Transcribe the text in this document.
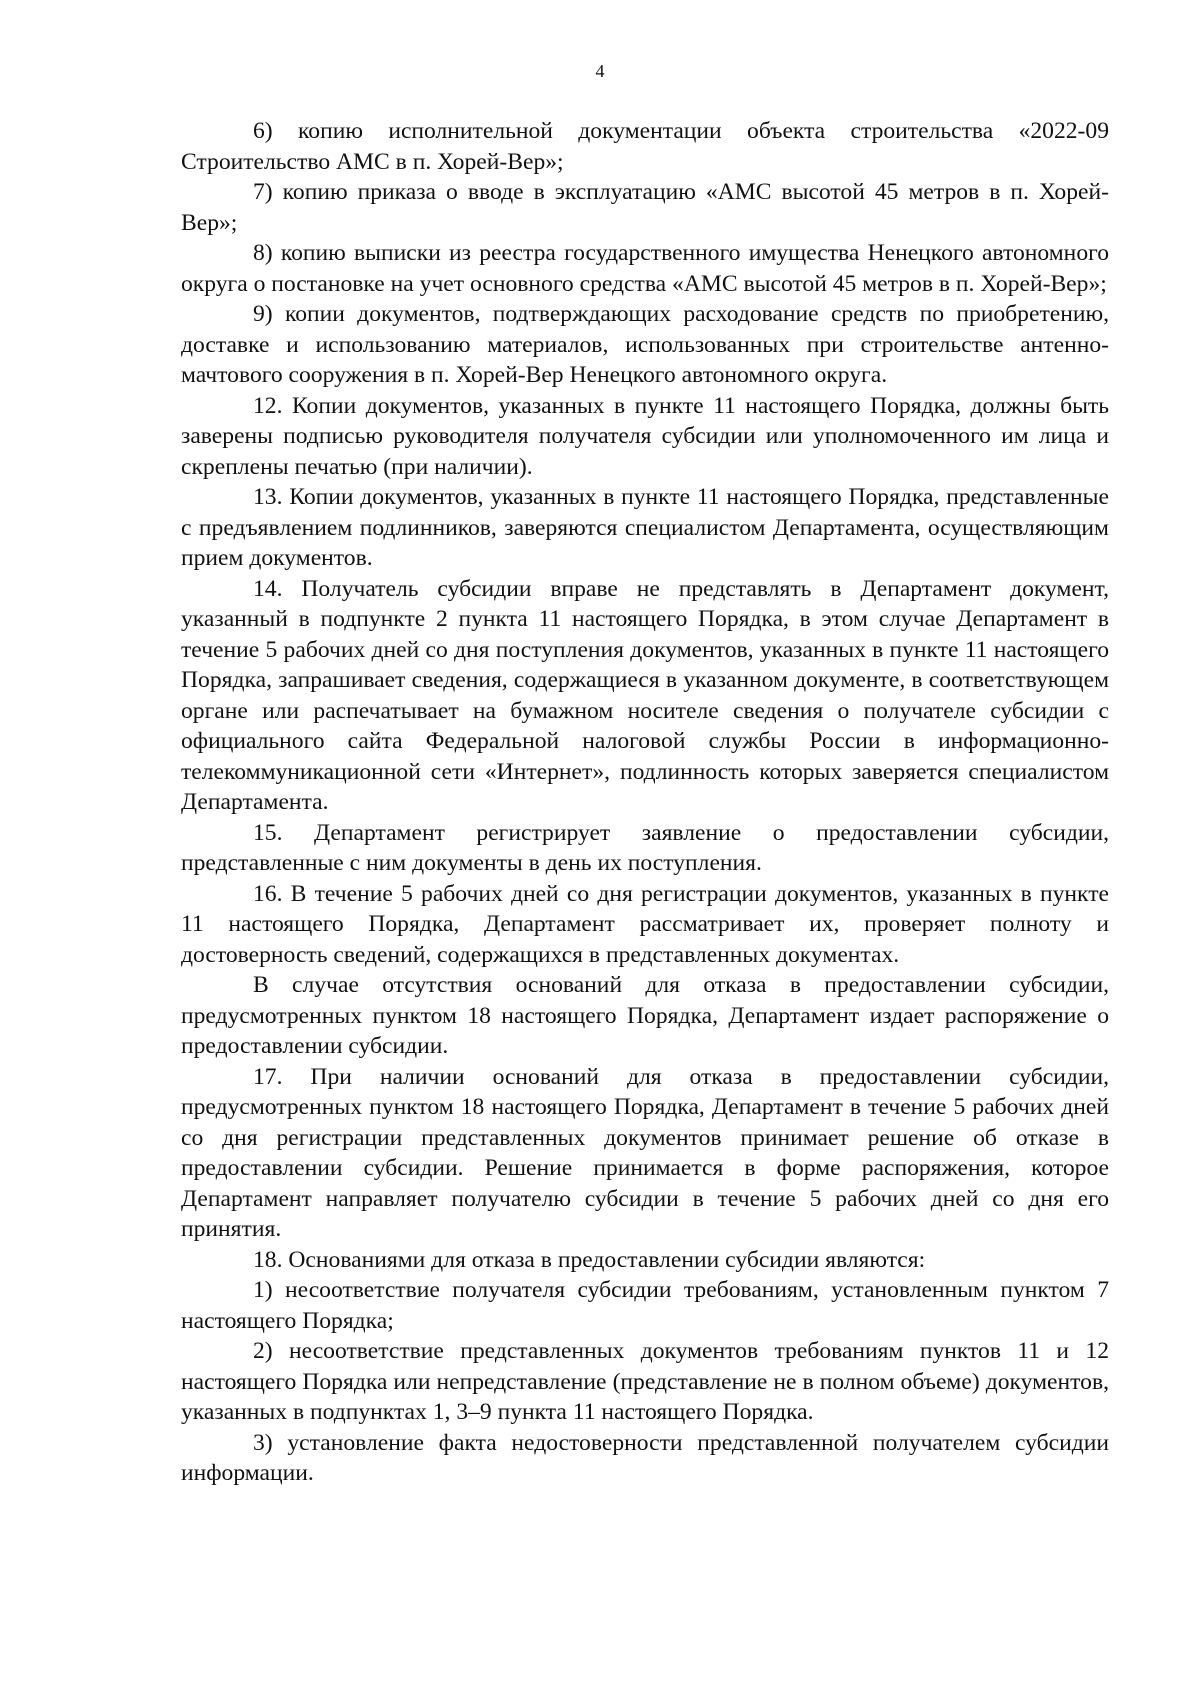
4

6) копию исполнительной документации объекта строительства «2022-09 Строительство АМС в п. Хорей-Вер»;

7) копию приказа о вводе в эксплуатацию «АМС высотой 45 метров в п. Хорей-Вер»;

8) копию выписки из реестра государственного имущества Ненецкого автономного округа о постановке на учет основного средства «АМС высотой 45 метров в п. Хорей-Вер»;

9) копии документов, подтверждающих расходование средств по приобретению, доставке и использованию материалов, использованных при строительстве антенно-мачтового сооружения в п. Хорей-Вер Ненецкого автономного округа.

12. Копии документов, указанных в пункте 11 настоящего Порядка, должны быть заверены подписью руководителя получателя субсидии или уполномоченного им лица и скреплены печатью (при наличии).

13. Копии документов, указанных в пункте 11 настоящего Порядка, представленные с предъявлением подлинников, заверяются специалистом Департамента, осуществляющим прием документов.

14. Получатель субсидии вправе не представлять в Департамент документ, указанный в подпункте 2 пункта 11 настоящего Порядка, в этом случае Департамент в течение 5 рабочих дней со дня поступления документов, указанных в пункте 11 настоящего Порядка, запрашивает сведения, содержащиеся в указанном документе, в соответствующем органе или распечатывает на бумажном носителе сведения о получателе субсидии с официального сайта Федеральной налоговой службы России в информационно-телекоммуникационной сети «Интернет», подлинность которых заверяется специалистом Департамента.

15. Департамент регистрирует заявление о предоставлении субсидии, представленные с ним документы в день их поступления.

16. В течение 5 рабочих дней со дня регистрации документов, указанных в пункте 11 настоящего Порядка, Департамент рассматривает их, проверяет полноту и достоверность сведений, содержащихся в представленных документах.

В случае отсутствия оснований для отказа в предоставлении субсидии, предусмотренных пунктом 18 настоящего Порядка, Департамент издает распоряжение о предоставлении субсидии.

17. При наличии оснований для отказа в предоставлении субсидии, предусмотренных пунктом 18 настоящего Порядка, Департамент в течение 5 рабочих дней со дня регистрации представленных документов принимает решение об отказе в предоставлении субсидии. Решение принимается в форме распоряжения, которое Департамент направляет получателю субсидии в течение 5 рабочих дней со дня его принятия.

18. Основаниями для отказа в предоставлении субсидии являются:

1) несоответствие получателя субсидии требованиям, установленным пунктом 7 настоящего Порядка;

2) несоответствие представленных документов требованиям пунктов 11 и 12 настоящего Порядка или непредставление (представление не в полном объеме) документов, указанных в подпунктах 1, 3–9 пункта 11 настоящего Порядка.

3) установление факта недостоверности представленной получателем субсидии информации.
